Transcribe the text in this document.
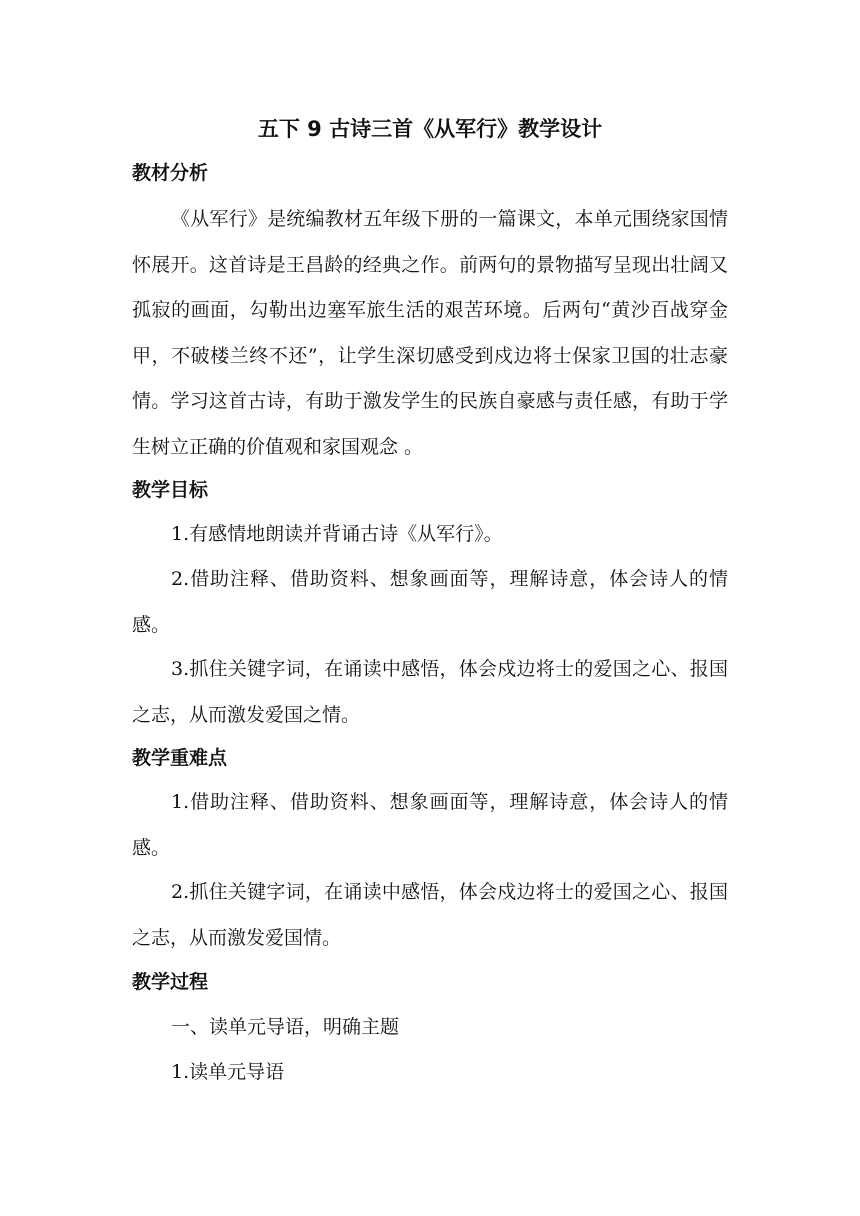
五下 9 古诗三首《从军行》教学设计
教材分析
《从军行》是统编教材五年级下册的一篇课文，本单元围绕家国情怀展开。这首诗是王昌龄的经典之作。前两句的景物描写呈现出壮阔又孤寂的画面，勾勒出边塞军旅生活的艰苦环境。后两句“黄沙百战穿金甲，不破楼兰终不还”，让学生深切感受到戍边将士保家卫国的壮志豪情。学习这首古诗，有助于激发学生的民族自豪感与责任感，有助于学生树立正确的价值观和家国观念 。
教学目标
1.有感情地朗读并背诵古诗《从军行》。
2.借助注释、借助资料、想象画面等，理解诗意，体会诗人的情感。
3.抓住关键字词，在诵读中感悟，体会戍边将士的爱国之心、报国之志，从而激发爱国之情。
教学重难点
1.借助注释、借助资料、想象画面等，理解诗意，体会诗人的情感。
2.抓住关键字词，在诵读中感悟，体会戍边将士的爱国之心、报国之志，从而激发爱国情。
教学过程
一、读单元导语，明确主题
1.读单元导语
